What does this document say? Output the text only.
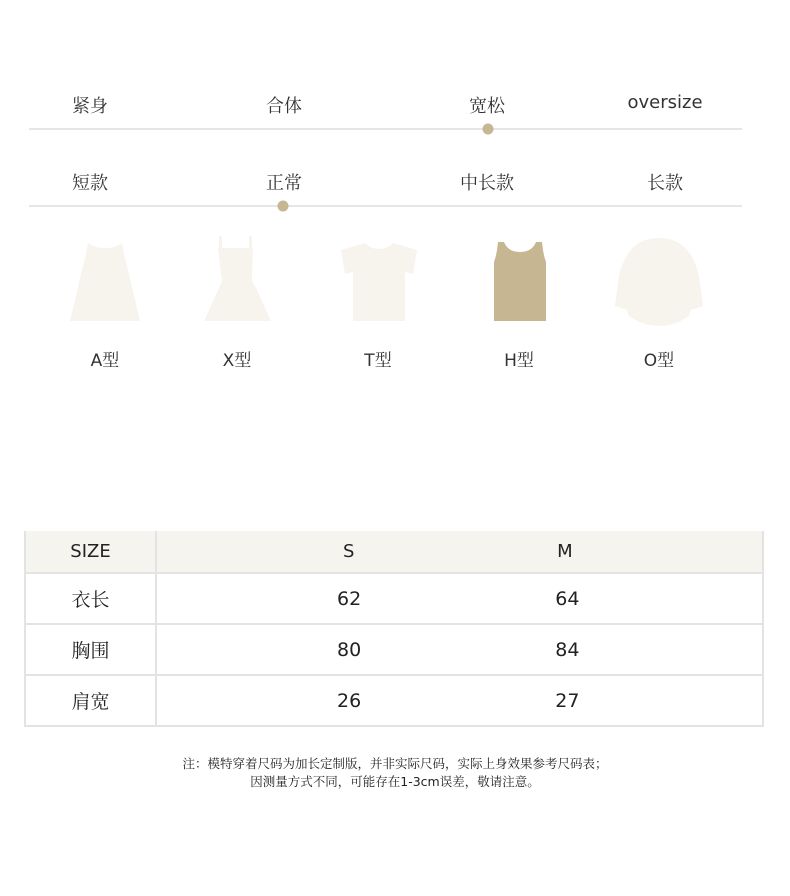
紧身	合体	宽松	oversize
短款	正常	中长款	长款
A型	X型	T型	H型	O型
SIZE	S M
衣长	62 64
胸围	80 84
肩宽	26 27
注：模特穿着尺码为加长定制版，并非实际尺码，实际上身效果参考尺码表；
因测量方式不同，可能存在1-3cm误差，敬请注意。
